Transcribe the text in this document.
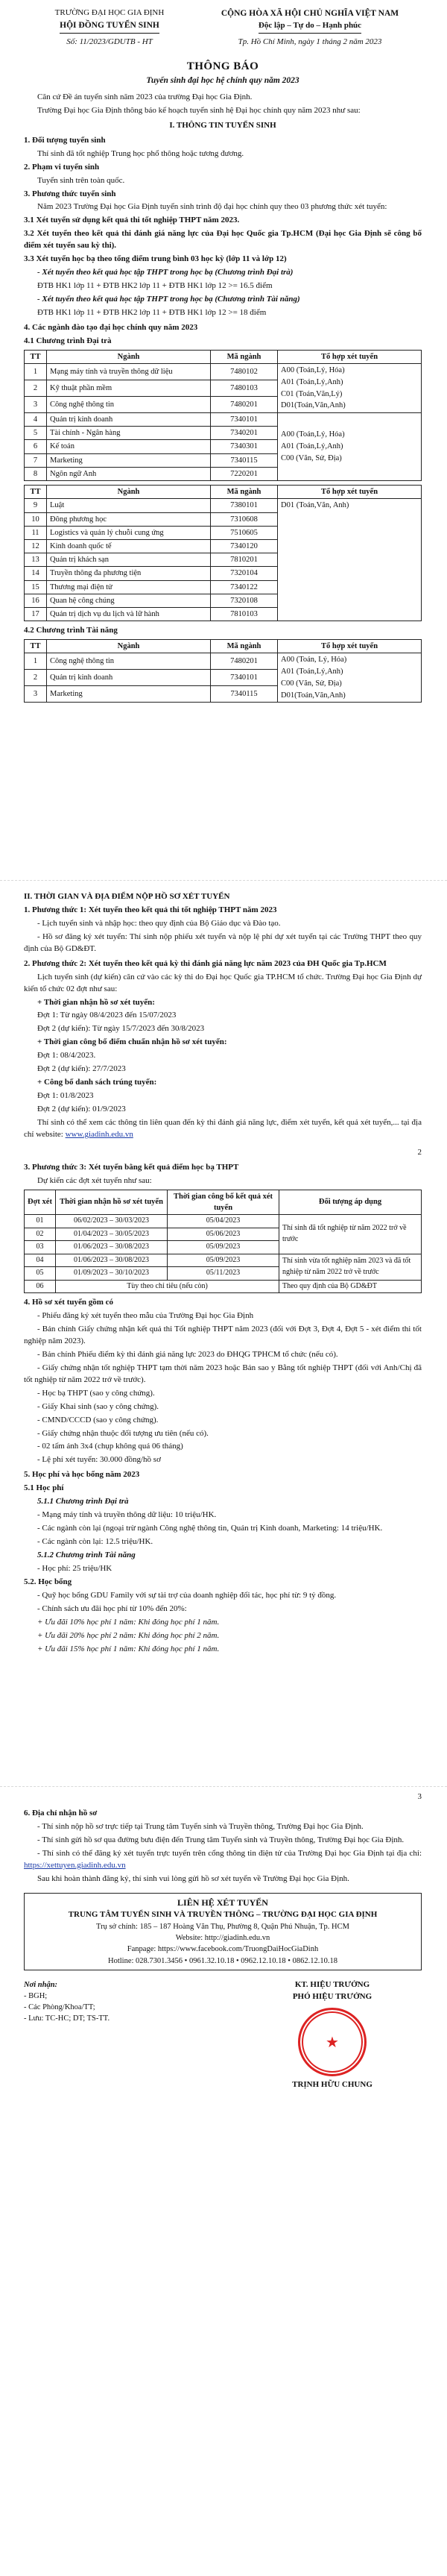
TRƯỜNG ĐẠI HỌC GIA ĐỊNH
HỘI ĐỒNG TUYỂN SINH
Số: 11/2023/GDUTB - HT
CỘNG HÒA XÃ HỘI CHỦ NGHĨA VIỆT NAM
Độc lập – Tự do – Hạnh phúc
Tp. Hồ Chí Minh, ngày 1 tháng 2 năm 2023
THÔNG BÁO
Tuyển sinh đại học hệ chính quy năm 2023

Căn cứ Đề án tuyển sinh năm 2023 của trường Đại học Gia Định.

Trường Đại học Gia Định thông báo kế hoạch tuyển sinh hệ Đại học chính quy năm 2023 như sau:

I. THÔNG TIN TUYỂN SINH

1. Đối tượng tuyển sinh

Thí sinh đã tốt nghiệp Trung học phổ thông hoặc tương đương.

2. Phạm vi tuyển sinh

Tuyển sinh trên toàn quốc.

3. Phương thức tuyển sinh

Năm 2023 Trường Đại học Gia Định tuyển sinh trình độ đại học chính quy theo 03 phương thức xét tuyển:

3.1 Xét tuyển sử dụng kết quả thi tốt nghiệp THPT năm 2023.

3.2 Xét tuyển theo kết quả thi đánh giá năng lực của Đại học Quốc gia Tp.HCM (Đại học Gia Định sẽ công bố điểm xét tuyển sau kỳ thi).

3.3 Xét tuyển học bạ theo tổng điểm trung bình 03 học kỳ (lớp 11 và lớp 12)

- Xét tuyển theo kết quả học tập THPT trong học bạ (Chương trình Đại trà)

ĐTB HK1 lớp 11 + ĐTB HK2 lớp 11 + ĐTB HK1 lớp 12 >= 16.5 điểm

- Xét tuyển theo kết quả học tập THPT trong học bạ (Chương trình Tài năng)

ĐTB HK1 lớp 11 + ĐTB HK2 lớp 11 + ĐTB HK1 lớp 12 >= 18 điểm

4. Các ngành đào tạo đại học chính quy năm 2023

4.1 Chương trình Đại trà

TT	Ngành	Mã ngành	Tổ hợp xét tuyển
1	Mạng máy tính và truyền thông dữ liệu	7480102	A00 (Toán,Lý, Hóa)
A01 (Toán,Lý,Anh)
C01 (Toán,Văn,Lý)
D01(Toán,Văn,Anh)

2	Kỹ thuật phần mềm	7480103	
3	Công nghệ thông tin	7480201	
4	Quản trị kinh doanh	7340101	A00 (Toán,Lý, Hóa)
A01 (Toán,Lý,Anh)
C00 (Văn, Sử, Địa)

5	Tài chính - Ngân hàng	7340201	
6	Kế toán	7340301	
7	Marketing	7340115	
8	Ngôn ngữ Anh	7220201	
TT	Ngành	Mã ngành	Tổ hợp xét tuyển
9	Luật	7380101	D01 (Toán,Văn, Anh)
10	Đông phương học	7310608	
11	Logistics và quản lý chuỗi cung ứng	7510605	
12	Kinh doanh quốc tế	7340120	
13	Quản trị khách sạn	7810201	
14	Truyền thông đa phương tiện	7320104	
15	Thương mại điện tử	7340122	
16	Quan hệ công chúng	7320108	
17	Quản trị dịch vụ du lịch và lữ hành	7810103	

4.2 Chương trình Tài năng

TT	Ngành	Mã ngành	Tổ hợp xét tuyển
1	Công nghệ thông tin	7480201	A00 (Toán, Lý, Hóa)
A01 (Toán,Lý,Anh)
C00 (Văn, Sử, Địa)
D01(Toán,Văn,Anh)

2	Quản trị kinh doanh	7340101	
3	Marketing	7340115	

II. THỜI GIAN VÀ ĐỊA ĐIỂM NỘP HỒ SƠ XÉT TUYỂN

1. Phương thức 1: Xét tuyển theo kết quả thi tốt nghiệp THPT năm 2023

- Lịch tuyển sinh và nhập học: theo quy định của Bộ Giáo dục và Đào tạo.

- Hồ sơ đăng ký xét tuyển: Thí sinh nộp phiếu xét tuyển và nộp lệ phí dự xét tuyển tại các Trường THPT theo quy định của Bộ GD&ĐT.

2. Phương thức 2: Xét tuyển theo kết quả kỳ thi đánh giá năng lực năm 2023 của ĐH Quốc gia Tp.HCM

Lịch tuyển sinh (dự kiến) căn cứ vào các kỳ thi do Đại học Quốc gia TP.HCM tổ chức. Trường Đại học Gia Định dự kiến tổ chức 02 đợt như sau:

+ Thời gian nhận hồ sơ xét tuyển:

Đợt 1: Từ ngày 08/4/2023 đến 15/07/2023

Đợt 2 (dự kiến): Từ ngày 15/7/2023 đến 30/8/2023

+ Thời gian công bố điểm chuẩn nhận hồ sơ xét tuyển:

Đợt 1: 08/4/2023.

Đợt 2 (dự kiến): 27/7/2023

+ Công bố danh sách trúng tuyển:

Đợt 1: 01/8/2023

Đợt 2 (dự kiến): 01/9/2023

Thí sinh có thể xem các thông tin liên quan đến kỳ thi đánh giá năng lực, điểm xét tuyển, kết quả xét tuyển,... tại địa chỉ website: www.giadinh.edu.vn

2

3. Phương thức 3: Xét tuyển bằng kết quả điểm học bạ THPT

Dự kiến các đợt xét tuyển như sau:

Đợt xét	Thời gian nhận hồ sơ xét tuyển	Thời gian công bố kết quả xét tuyển	Đối tượng áp dụng
01	06/02/2023 – 30/03/2023	05/04/2023	Thí sinh đã tốt nghiệp từ năm 2022 trở về trước
02	01/04/2023 – 30/05/2023	05/06/2023	
03	01/06/2023 – 30/08/2023	05/09/2023	
04	01/06/2023 – 30/08/2023	05/09/2023	Thí sinh vừa tốt nghiệp năm 2023 và đã tốt nghiệp từ năm 2022 trở về trước
05	01/09/2023 – 30/10/2023	05/11/2023	
06	Tùy theo chỉ tiêu (nếu còn)		Theo quy định của Bộ GD&ĐT

4. Hồ sơ xét tuyển gồm có

- Phiếu đăng ký xét tuyển theo mẫu của Trường Đại học Gia Định

- Bản chính Giấy chứng nhận kết quả thi Tốt nghiệp THPT năm 2023 (đối với Đợt 3, Đợt 4, Đợt 5 - xét điểm thi tốt nghiệp năm 2023).

- Bản chính Phiếu điểm kỳ thi đánh giá năng lực 2023 do ĐHQG TPHCM tổ chức (nếu có).

- Giấy chứng nhận tốt nghiệp THPT tạm thời năm 2023 hoặc Bản sao y Bằng tốt nghiệp THPT (đối với Anh/Chị đã tốt nghiệp từ năm 2022 trở về trước).

- Học bạ THPT (sao y công chứng).

- Giấy Khai sinh (sao y công chứng).

- CMND/CCCD (sao y công chứng).

- Giấy chứng nhận thuộc đối tượng ưu tiên (nếu có).

- 02 tấm ảnh 3x4 (chụp không quá 06 tháng)

- Lệ phí xét tuyển: 30.000 đồng/hồ sơ

5. Học phí và học bổng năm 2023

5.1 Học phí

5.1.1 Chương trình Đại trà

- Mạng máy tính và truyền thông dữ liệu: 10 triệu/HK.

- Các ngành còn lại (ngoại trừ ngành Công nghệ thông tin, Quản trị Kinh doanh, Marketing: 14 triệu/HK.

- Các ngành còn lại: 12.5 triệu/HK.

5.1.2 Chương trình Tài năng

- Học phí: 25 triệu/HK

5.2. Học bổng

- Quỹ học bổng GDU Family với sự tài trợ của doanh nghiệp đối tác, học phí từ: 9 tỷ đồng.

- Chính sách ưu đãi học phí từ 10% đến 20%:

+ Ưu đãi 10% học phí 1 năm: Khi đóng học phí 1 năm.

+ Ưu đãi 20% học phí 2 năm: Khi đóng học phí 2 năm.

+ Ưu đãi 15% học phí 1 năm: Khi đóng học phí 1 năm.

3

6. Địa chỉ nhận hồ sơ

- Thí sinh nộp hồ sơ trực tiếp tại Trung tâm Tuyển sinh và Truyền thông, Trường Đại học Gia Định.

- Thí sinh gửi hồ sơ qua đường bưu điện đến Trung tâm Tuyển sinh và Truyền thông, Trường Đại học Gia Định.

- Thí sinh có thể đăng ký xét tuyển trực tuyến trên cổng thông tin điện tử của Trường Đại học Gia Định tại địa chỉ: https://xettuyen.giadinh.edu.vn

Sau khi hoàn thành đăng ký, thí sinh vui lòng gửi hồ sơ xét tuyển về Trường Đại học Gia Định.

LIÊN HỆ XÉT TUYỂN
TRUNG TÂM TUYỂN SINH VÀ TRUYỀN THÔNG – TRƯỜNG ĐẠI HỌC GIA ĐỊNH
Trụ sở chính: 185 – 187 Hoàng Văn Thụ, Phường 8, Quận Phú Nhuận, Tp. HCM
Website: http://giadinh.edu.vn
Fanpage: https://www.facebook.com/TruongDaiHocGiaDinh
Hotline: 028.7301.3456 • 0961.32.10.18 • 0962.12.10.18 • 0862.12.10.18
Nơi nhận:
- BGH;
- Các Phòng/Khoa/TT;
- Lưu: TC-HC; DT; TS-TT.
KT. HIỆU TRƯỞNG
PHÓ HIỆU TRƯỞNG
★
TRỊNH HỮU CHUNG
